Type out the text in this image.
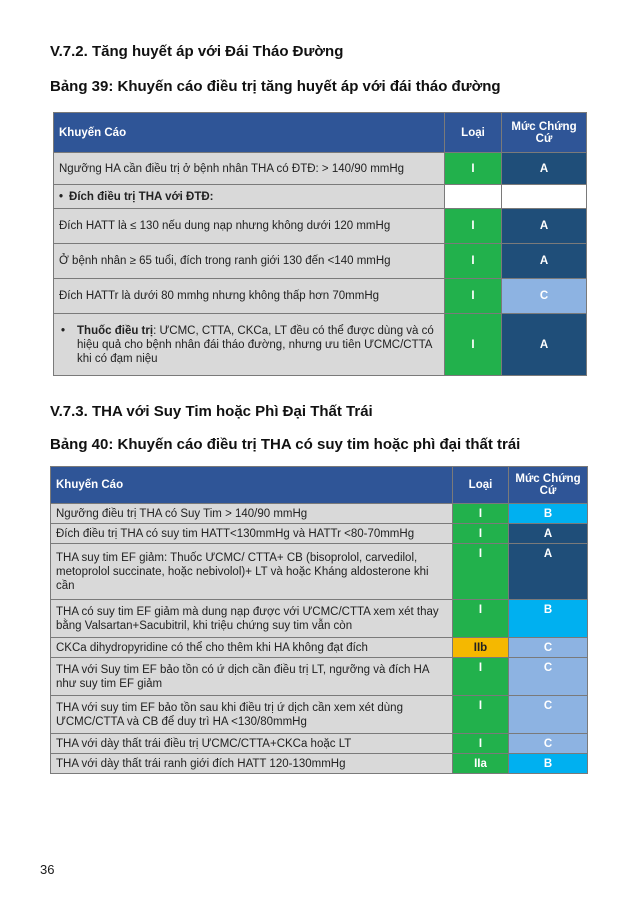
V.7.2. Tăng huyết áp với Đái Tháo Đường
Bảng 39: Khuyến cáo điều trị tăng huyết áp với đái tháo đường
Khuyến Cáo	Loại	Mức Chứng Cứ
Ngưỡng HA cần điều trị ở bệnh nhân THA có ĐTĐ: > 140/90 mmHg	I	A
• Đích điều trị THA với ĐTĐ:		
Đích HATT là ≤ 130 nếu dung nạp nhưng không dưới 120 mmHg	I	A
Ở bệnh nhân ≥ 65 tuổi, đích trong ranh giới 130 đến <140 mmHg	I	A
Đích HATTr là dưới 80 mmhg nhưng không thấp hơn 70mmHg	I	C

• Thuốc điều trị: ƯCMC, CTTA, CKCa, LT đều có thể được dùng và có hiệu quả cho bệnh nhân đái tháo đường, nhưng ưu tiên ƯCMC/CTTA khi có đạm niệu	I	A
V.7.3. THA với Suy Tim hoặc Phì Đại Thất Trái
Bảng 40: Khuyến cáo điều trị THA có suy tim hoặc phì đại thất trái
Khuyến Cáo	Loại	Mức Chứng Cứ
Ngưỡng điều trị THA có Suy Tim > 140/90 mmHg	I	B
Đích điều trị THA có suy tim HATT<130mmHg và HATTr <80-70mmHg	I	A
THA suy tim EF giảm: Thuốc ƯCMC/ CTTA+ CB (bisoprolol, carvedilol, metoprolol succinate, hoặc nebivolol)+ LT và hoặc Kháng aldosterone khi cần	I	A
THA có suy tim EF giảm mà dung nạp được với ƯCMC/CTTA xem xét thay bằng Valsartan+Sacubitril, khi triệu chứng suy tim vẫn còn	I	B
CKCa dihydropyridine có thể cho thêm khi HA không đạt đích	IIb	C
THA với Suy tim EF bảo tồn có ứ dịch cần điều trị LT, ngưỡng và đích HA như suy tim EF giảm	I	C
THA với suy tim EF bảo tồn sau khi điều trị ứ dịch cần xem xét dùng ƯCMC/CTTA và CB để duy trì HA <130/80mmHg	I	C
THA với dày thất trái điều trị ƯCMC/CTTA+CKCa hoặc LT	I	C
THA với dày thất trái ranh giới đích HATT 120-130mmHg	IIa	B
36
